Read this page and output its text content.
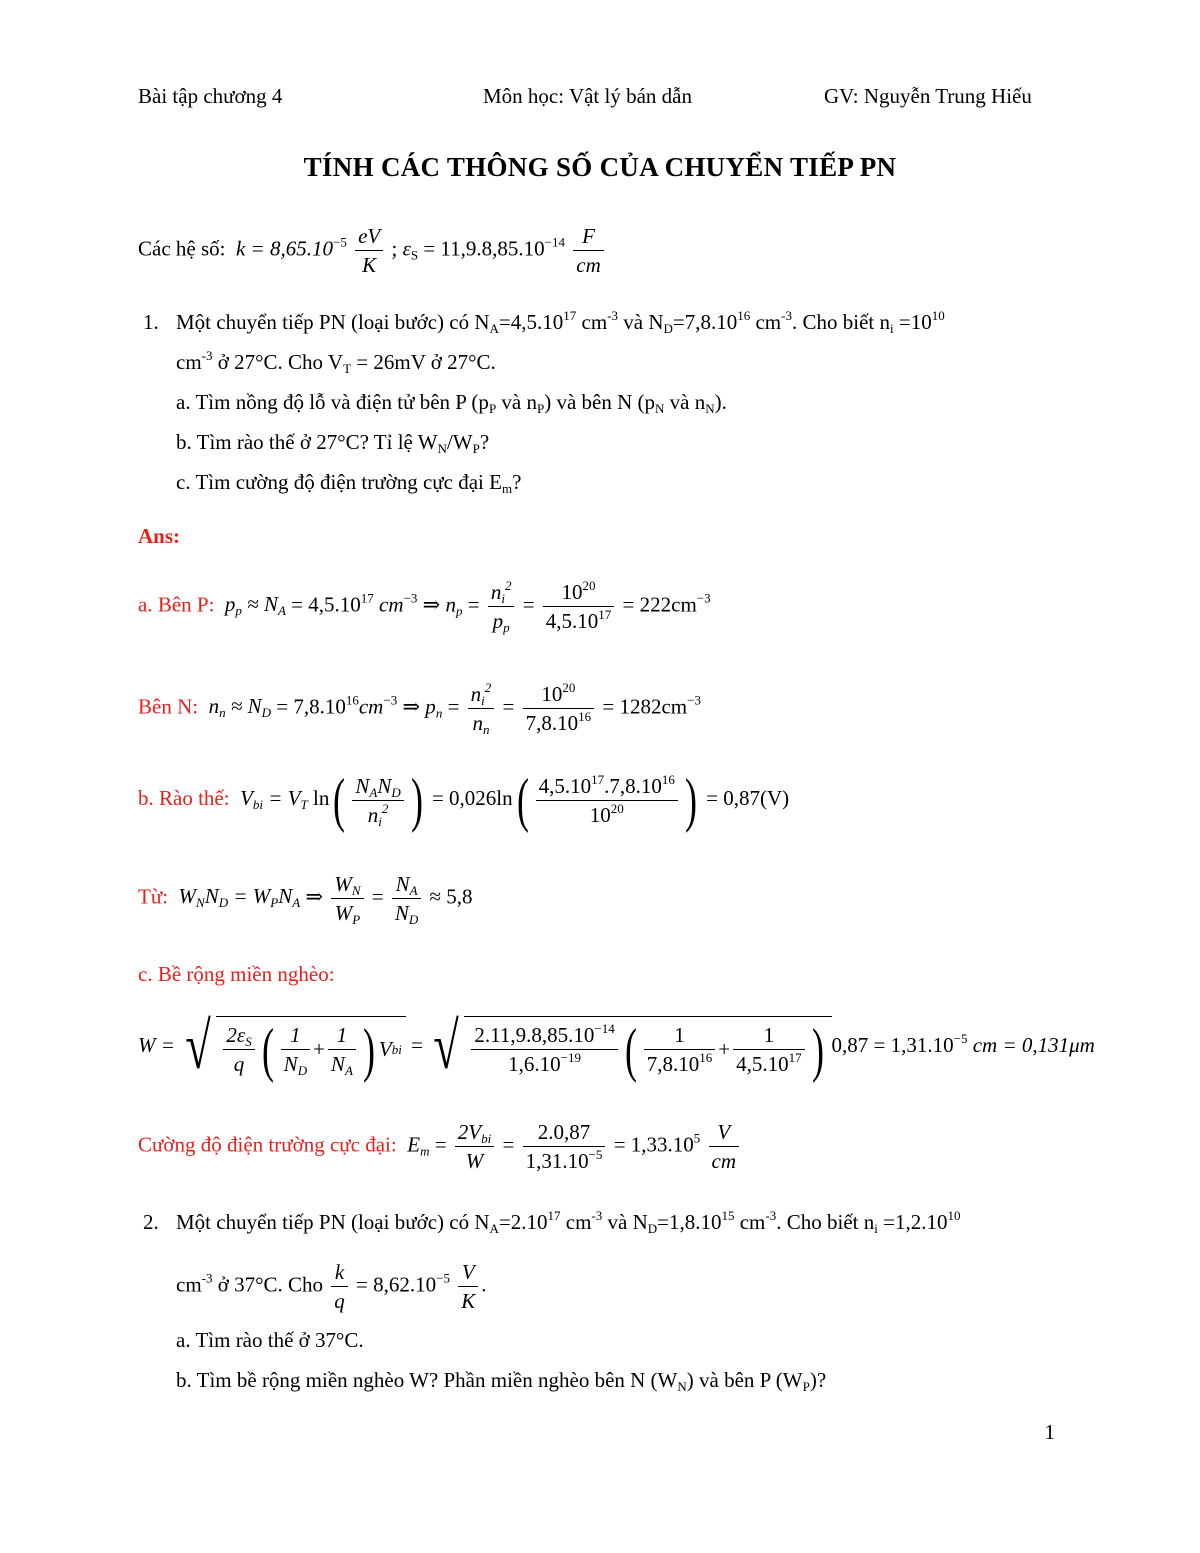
Bài tập chương 4	Môn học: Vật lý bán dẫn	GV: Nguyễn Trung Hiếu
TÍNH CÁC THÔNG SỐ CỦA CHUYỂN TIẾP PN
Các hệ số: $k = 8,65.10^{-5} \frac{eV}{K}$ ; $\varepsilon_S = 11,9.8,85.10^{-14} \frac{F}{cm}$
1. Một chuyển tiếp PN (loại bước) có $N_A=4,5.10^{17}$ $cm^{-3}$ và $N_D=7,8.10^{16}$ $cm^{-3}$. Cho biết $n_i =10^{10}$
$cm^{-3}$ ở 27°C. Cho $V_T = 26mV$ ở 27°C.
a. Tìm nồng độ lỗ và điện tử bên P ($p_P$ và $n_P$) và bên N ($p_N$ và $n_N$).
b. Tìm rào thế ở 27°C? Tỉ lệ $W_N/W_P$?
c. Tìm cường độ điện trường cực đại $E_m$?
Ans:
a. Bên P: $p_p \approx N_A = 4,5.10^{17}$ $cm^{-3}$ ⇒ $n_p = \frac{n_i^2}{p_p} = \frac{10^{20}}{4,5.10^{17}} = 222cm^{-3}$
Bên N: $n_n \approx N_D = 7,8.10^{16}cm^{-3}$ ⇒ $p_n = \frac{n_i^2}{n_n} = \frac{10^{20}}{7,8.10^{16}} = 1282cm^{-3}$
b. Rào thế: $V_{bi} = V_T$ $\ln( \frac{N_AN_D}{n_i^2}$ ) = $0,026\ln( \frac{4,5.10^{17}.7,8.10^{16}}{10^{20}}$ ) = 0,87(V)
Từ: $W_NN_D = W_PN_A$ ⇒ $\frac{W_N}{W_P} = \frac{N_A}{N_D} \approx 5,8$
c. Bề rộng miền nghèo:
W = √ $\frac{2\varepsilon_S}{q}$ ( $\frac{1}{N_D} + \frac{1}{N_A}$ ) V bi = √ $\frac{2.11,9.8,85.10^{-14}}{1,6.10^{-19}}$ ( $\frac{1}{7,8.10^{16}} + \frac{1}{4,5.10^{17}}$ ) $0,87 = 1,31.10^{-5}$ cm = 0,131μm
Cường độ điện trường cực đại: $E_m = \frac{2V_{bi}}{W} = \frac{2.0,87}{1,31.10^{-5}} = 1,33.10^5 \frac{V}{cm}$
2. Một chuyển tiếp PN (loại bước) có $N_A=2.10^{17}$ $cm^{-3}$ và $N_D=1,8.10^{15}$ $cm^{-3}$. Cho biết $n_i =1,2.10^{10}$
$cm^{-3}$ ở 37°C. Cho $\frac{k}{q} = 8,62.10^{-5} \frac{V}{K}$ .
a. Tìm rào thế ở 37°C.
b. Tìm bề rộng miền nghèo W? Phần miền nghèo bên N $(W_N)$ và bên P $(W_P)$?
1
